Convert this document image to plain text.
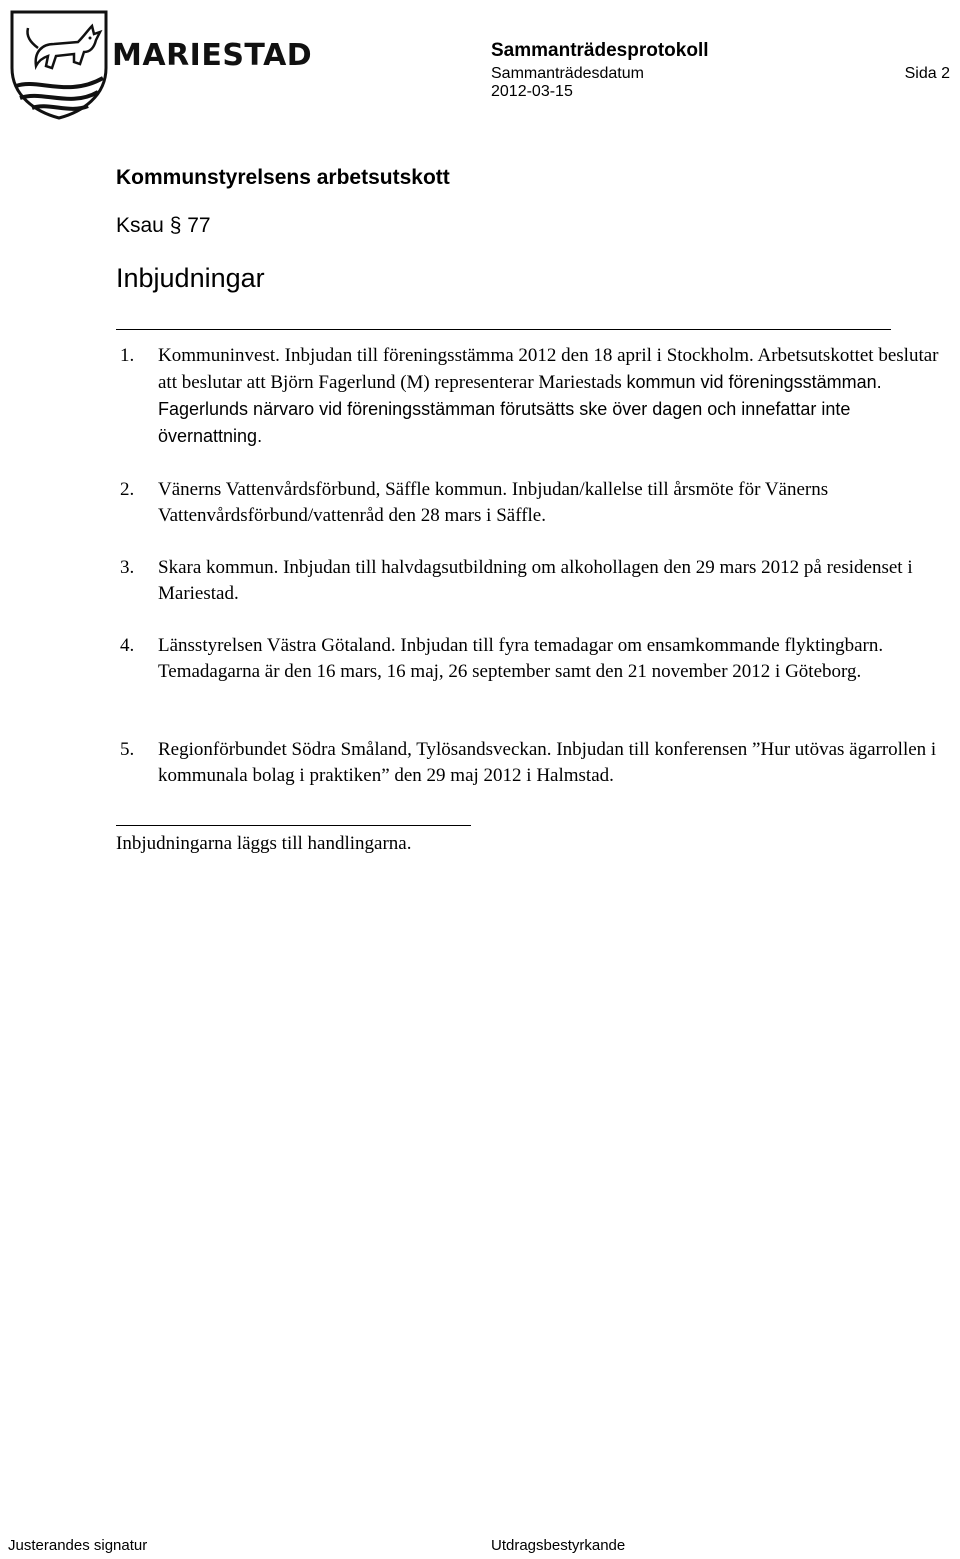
MARIESTAD	Sammanträdesprotokoll
Sammanträdesdatum	Sida 2
2012-03-15
Kommunstyrelsens arbetsutskott
Ksau § 77
Inbjudningar
1. Kommuninvest. Inbjudan till föreningsstämma 2012 den 18 april i Stockholm. Arbetsutskottet beslutar att beslutar att Björn Fagerlund (M) representerar Mariestads kommun vid föreningsstämman. Fagerlunds närvaro vid föreningsstämman förutsätts ske över dagen och innefattar inte övernattning.
2. Vänerns Vattenvårdsförbund, Säffle kommun. Inbjudan/kallelse till årsmöte för Vänerns Vattenvårdsförbund/vattenråd den 28 mars i Säffle.
3. Skara kommun. Inbjudan till halvdagsutbildning om alkohollagen den 29 mars 2012 på residenset i Mariestad.
4. Länsstyrelsen Västra Götaland. Inbjudan till fyra temadagar om ensamkommande flyktingbarn. Temadagarna är den 16 mars, 16 maj, 26 september samt den 21 november 2012 i Göteborg.
5. Regionförbundet Södra Småland, Tylösandsveckan. Inbjudan till konferensen ”Hur utövas ägarrollen i kommunala bolag i praktiken” den 29 maj 2012 i Halmstad.
Inbjudningarna läggs till handlingarna.
Justerandes signatur	Utdragsbestyrkande
